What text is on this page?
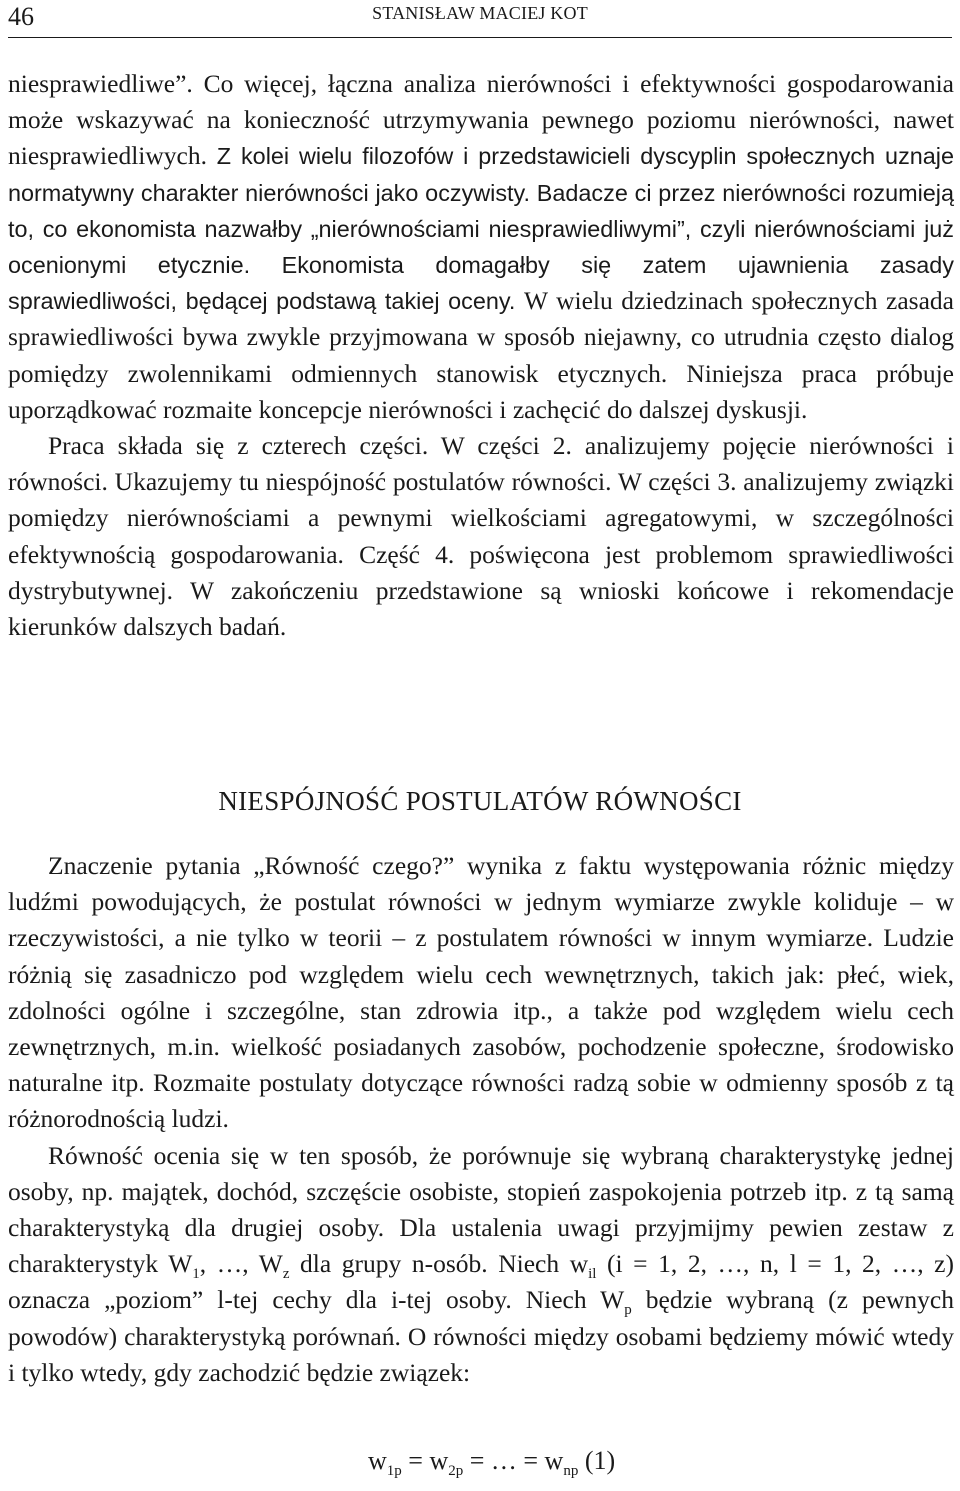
46	STANISŁAW MACIEJ KOT

niesprawiedliwe”. Co więcej, łączna analiza nierówności i efektywności gospodarowania może wskazywać na konieczność utrzymywania pewnego poziomu nierówności, nawet niesprawiedliwych. Z kolei wielu filozofów i przedstawicieli dyscyplin społecznych uznaje normatywny charakter nierówności jako oczywisty. Badacze ci przez nierówności rozumieją to, co ekonomista nazwałby „nierównościami niesprawiedliwymi”, czyli nierównościami już ocenionymi etycznie. Ekonomista domagałby się zatem ujawnienia zasady sprawiedliwości, będącej podstawą takiej oceny. W wielu dziedzinach społecznych zasada sprawiedliwości bywa zwykle przyjmowana w sposób niejawny, co utrudnia często dialog pomiędzy zwolennikami odmiennych stanowisk etycznych. Niniejsza praca próbuje uporządkować rozmaite koncepcje nierówności i zachęcić do dalszej dyskusji.

Praca składa się z czterech części. W części 2. analizujemy pojęcie nierówności i równości. Ukazujemy tu niespójność postulatów równości. W części 3. analizujemy związki pomiędzy nierównościami a pewnymi wielkościami agregatowymi, w szczególności efektywnością gospodarowania. Część 4. poświęcona jest problemom sprawiedliwości dystrybutywnej. W zakończeniu przedstawione są wnioski końcowe i rekomendacje kierunków dalszych badań.

NIESPÓJNOŚĆ POSTULATÓW RÓWNOŚCI

Znaczenie pytania „Równość czego?” wynika z faktu występowania różnic między ludźmi powodujących, że postulat równości w jednym wymiarze zwykle koliduje – w rzeczywistości, a nie tylko w teorii – z postulatem równości w innym wymiarze. Ludzie różnią się zasadniczo pod względem wielu cech wewnętrznych, takich jak: płeć, wiek, zdolności ogólne i szczególne, stan zdrowia itp., a także pod względem wielu cech zewnętrznych, m.in. wielkość posiadanych zasobów, pochodzenie społeczne, środowisko naturalne itp. Rozmaite postulaty dotyczące równości radzą sobie w odmienny sposób z tą różnorodnością ludzi.

Równość ocenia się w ten sposób, że porównuje się wybraną charakterystykę jednej osoby, np. majątek, dochód, szczęście osobiste, stopień zaspokojenia potrzeb itp. z tą samą charakterystyką dla drugiej osoby. Dla ustalenia uwagi przyjmijmy pewien zestaw z charakterystyk $W_1$, …, $W_z$ dla grupy n-osób. Niech $w_{il}$ (i = 1, 2, …, n, l = 1, 2, …, z) oznacza „poziom” l-tej cechy dla i-tej osoby. Niech $W_p$ będzie wybraną (z pewnych powodów) charakterystyką porównań. O równości między osobami będziemy mówić wtedy i tylko wtedy, gdy zachodzić będzie związek:

$w_{1p} = w_{2p}$ = … = $w_{np}$ (1)
